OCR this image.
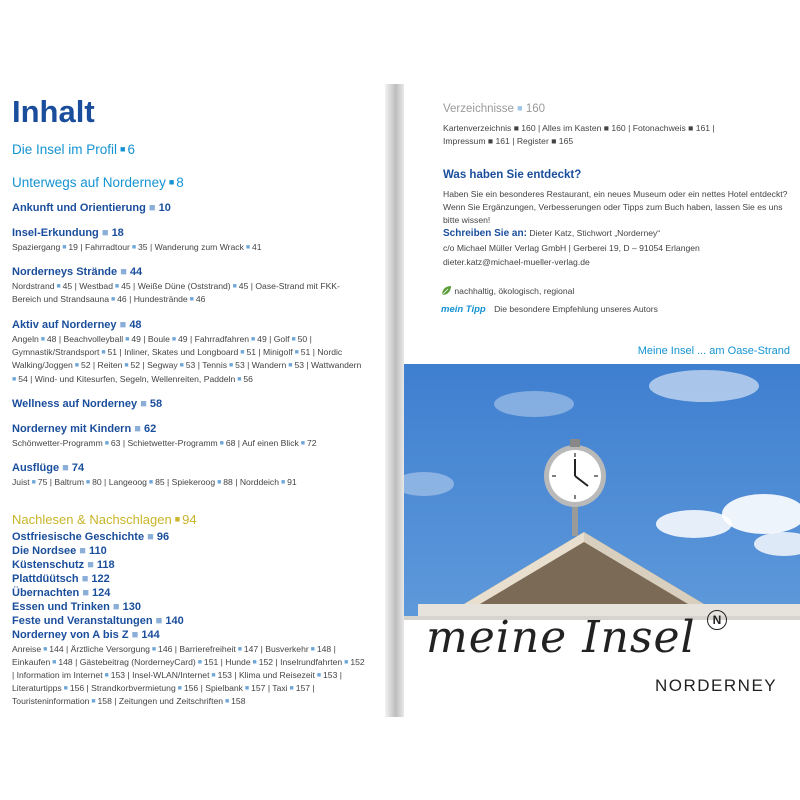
Inhalt
Die Insel im Profil ■ 6
Unterwegs auf Norderney ■ 8
Ankunft und Orientierung ■ 10
Insel-Erkundung ■ 18
Spaziergang ■ 19 | Fahrradtour ■ 35 | Wanderung zum Wrack ■ 41
Norderneys Strände ■ 44
Nordstrand ■ 45 | Westbad ■ 45 | Weiße Düne (Oststrand) ■ 45 | Oase-Strand mit FKK-Bereich und Strandsauna ■ 46 | Hundestrände ■ 46
Aktiv auf Norderney ■ 48
Angeln ■ 48 | Beachvolleyball ■ 49 | Boule ■ 49 | Fahrradfahren ■ 49 | Golf ■ 50 | Gymnastik/Strandsport ■ 51 | Inliner, Skates und Longboard ■ 51 | Minigolf ■ 51 | Nordic Walking/Joggen ■ 52 | Reiten ■ 52 | Segway ■ 53 | Tennis ■ 53 | Wandern ■ 53 | Wattwandern ■ 54 | Wind- und Kitesurfen, Segeln, Wellenreiten, Paddeln ■ 56
Wellness auf Norderney ■ 58
Norderney mit Kindern ■ 62
Schönwetter-Programm ■ 63 | Schietwetter-Programm ■ 68 | Auf einen Blick ■ 72
Ausflüge ■ 74
Juist ■ 75 | Baltrum ■ 80 | Langeoog ■ 85 | Spiekeroog ■ 88 | Norddeich ■ 91
Nachlesen & Nachschlagen ■ 94
Ostfriesische Geschichte ■ 96
Die Nordsee ■ 110
Küstenschutz ■ 118
Plattdüütsch ■ 122
Übernachten ■ 124
Essen und Trinken ■ 130
Feste und Veranstaltungen ■ 140
Norderney von A bis Z ■ 144
Anreise ■ 144 | Ärztliche Versorgung ■ 146 | Barrierefreiheit ■ 147 | Busverkehr ■ 148 | Einkaufen ■ 148 | Gästebeitrag (NorderneyCard) ■ 151 | Hunde ■ 152 | Inselrundfahrten ■ 152 | Information im Internet ■ 153 | Insel-WLAN/Internet ■ 153 | Klima und Reisezeit ■ 153 | Literaturtipps ■ 156 | Strandkorbvermietung ■ 156 | Spielbank ■ 157 | Taxi ■ 157 | Touristeninformation ■ 158 | Zeitungen und Zeitschriften ■ 158
Verzeichnisse ■ 160
Kartenverzeichnis ■ 160 | Alles im Kasten ■ 160 | Fotonachweis ■ 161 | Impressum ■ 161 | Register ■ 165
Was haben Sie entdeckt?
Haben Sie ein besonderes Restaurant, ein neues Museum oder ein nettes Hotel entdeckt? Wenn Sie Ergänzungen, Verbesserungen oder Tipps zum Buch haben, lassen Sie es uns bitte wissen!
Schreiben Sie an: Dieter Katz, Stichwort „Norderney“
c/o Michael Müller Verlag GmbH | Gerberei 19, D – 91054 Erlangen
dieter.katz@michael-mueller-verlag.de
nachhaltig, ökologisch, regional
mein Tipp Die besondere Empfehlung unseres Autors
Meine Insel ... am Oase-Strand
meine Insel
NORDERNEY
N
